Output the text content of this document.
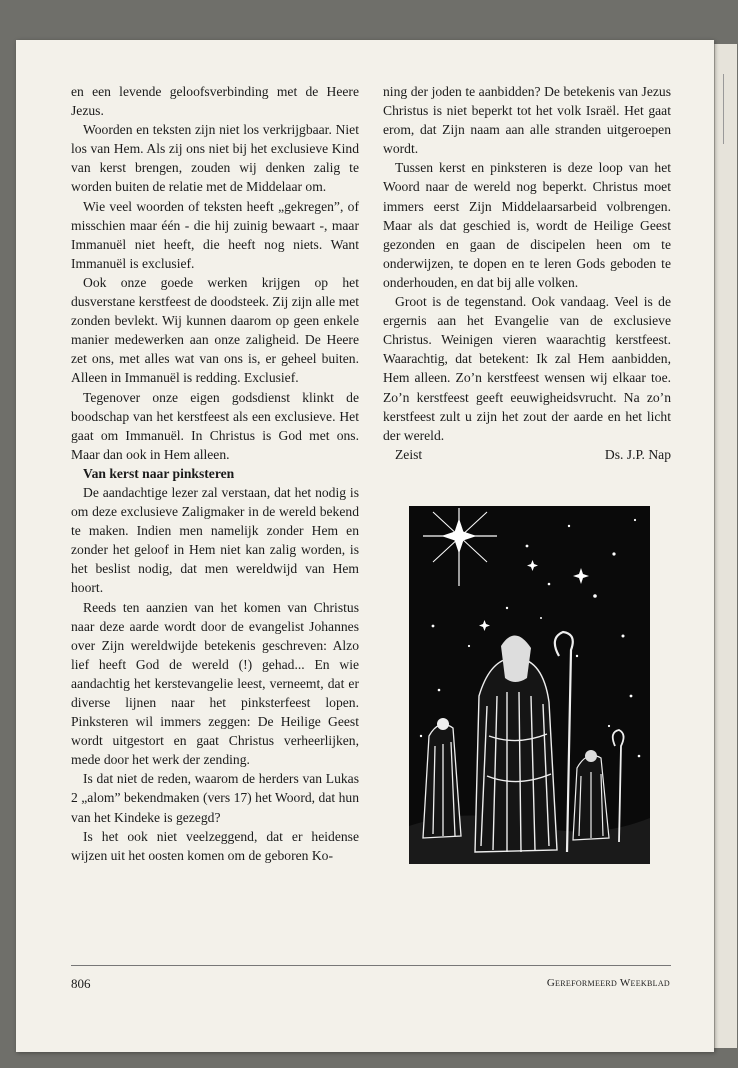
en een levende geloofsverbinding met de Heere Jezus.

Woorden en teksten zijn niet los verkrijgbaar. Niet los van Hem. Als zij ons niet bij het exclusieve Kind van kerst brengen, zouden wij denken zalig te worden buiten de relatie met de Middelaar om.

Wie veel woorden of teksten heeft „gekregen”, of misschien maar één - die hij zuinig bewaart -, maar Immanuël niet heeft, die heeft nog niets. Want Immanuël is exclusief.

Ook onze goede werken krijgen op het dusverstane kerstfeest de doodsteek. Zij zijn alle met zonden bevlekt. Wij kunnen daarom op geen enkele manier medewerken aan onze zaligheid. De Heere zet ons, met alles wat van ons is, er geheel buiten. Alleen in Immanuël is redding. Exclusief.

Tegenover onze eigen godsdienst klinkt de boodschap van het kerstfeest als een exclusieve. Het gaat om Immanuël. In Christus is God met ons. Maar dan ook in Hem alleen.

Van kerst naar pinksteren

De aandachtige lezer zal verstaan, dat het nodig is om deze exclusieve Zaligmaker in de wereld bekend te maken. Indien men namelijk zonder Hem en zonder het geloof in Hem niet kan zalig worden, is het beslist nodig, dat men wereldwijd van Hem hoort.

Reeds ten aanzien van het komen van Christus naar deze aarde wordt door de evangelist Johannes over Zijn wereldwijde betekenis geschreven: Alzo lief heeft God de wereld (!) gehad... En wie aandachtig het kerstevangelie leest, verneemt, dat er diverse lijnen naar het pinksterfeest lopen. Pinksteren wil immers zeggen: De Heilige Geest wordt uitgestort en gaat Christus verheerlijken, mede door het werk der zending.

Is dat niet de reden, waarom de herders van Lukas 2 „alom” bekendmaken (vers 17) het Woord, dat hun van het Kindeke is gezegd?

Is het ook niet veelzeggend, dat er heidense wijzen uit het oosten komen om de geboren Ko-

ning der joden te aanbidden? De betekenis van Jezus Christus is niet beperkt tot het volk Israël. Het gaat erom, dat Zijn naam aan alle stranden uitgeroepen wordt.

Tussen kerst en pinksteren is deze loop van het Woord naar de wereld nog beperkt. Christus moet immers eerst Zijn Middelaarsarbeid volbrengen. Maar als dat geschied is, wordt de Heilige Geest gezonden en gaan de discipelen heen om te onderwijzen, te dopen en te leren Gods geboden te onderhouden, en dat bij alle volken.

Groot is de tegenstand. Ook vandaag. Veel is de ergernis aan het Evangelie van de exclusieve Christus. Weinigen vieren waarachtig kerstfeest. Waarachtig, dat betekent: Ik zal Hem aanbidden, Hem alleen. Zo’n kerstfeest wensen wij elkaar toe. Zo’n kerstfeest geeft eeuwigheidsvrucht. Na zo’n kerstfeest zult u zijn het zout der aarde en het licht der wereld.

Zeist	Ds. J.P. Nap

806	Gereformeerd Weekblad
